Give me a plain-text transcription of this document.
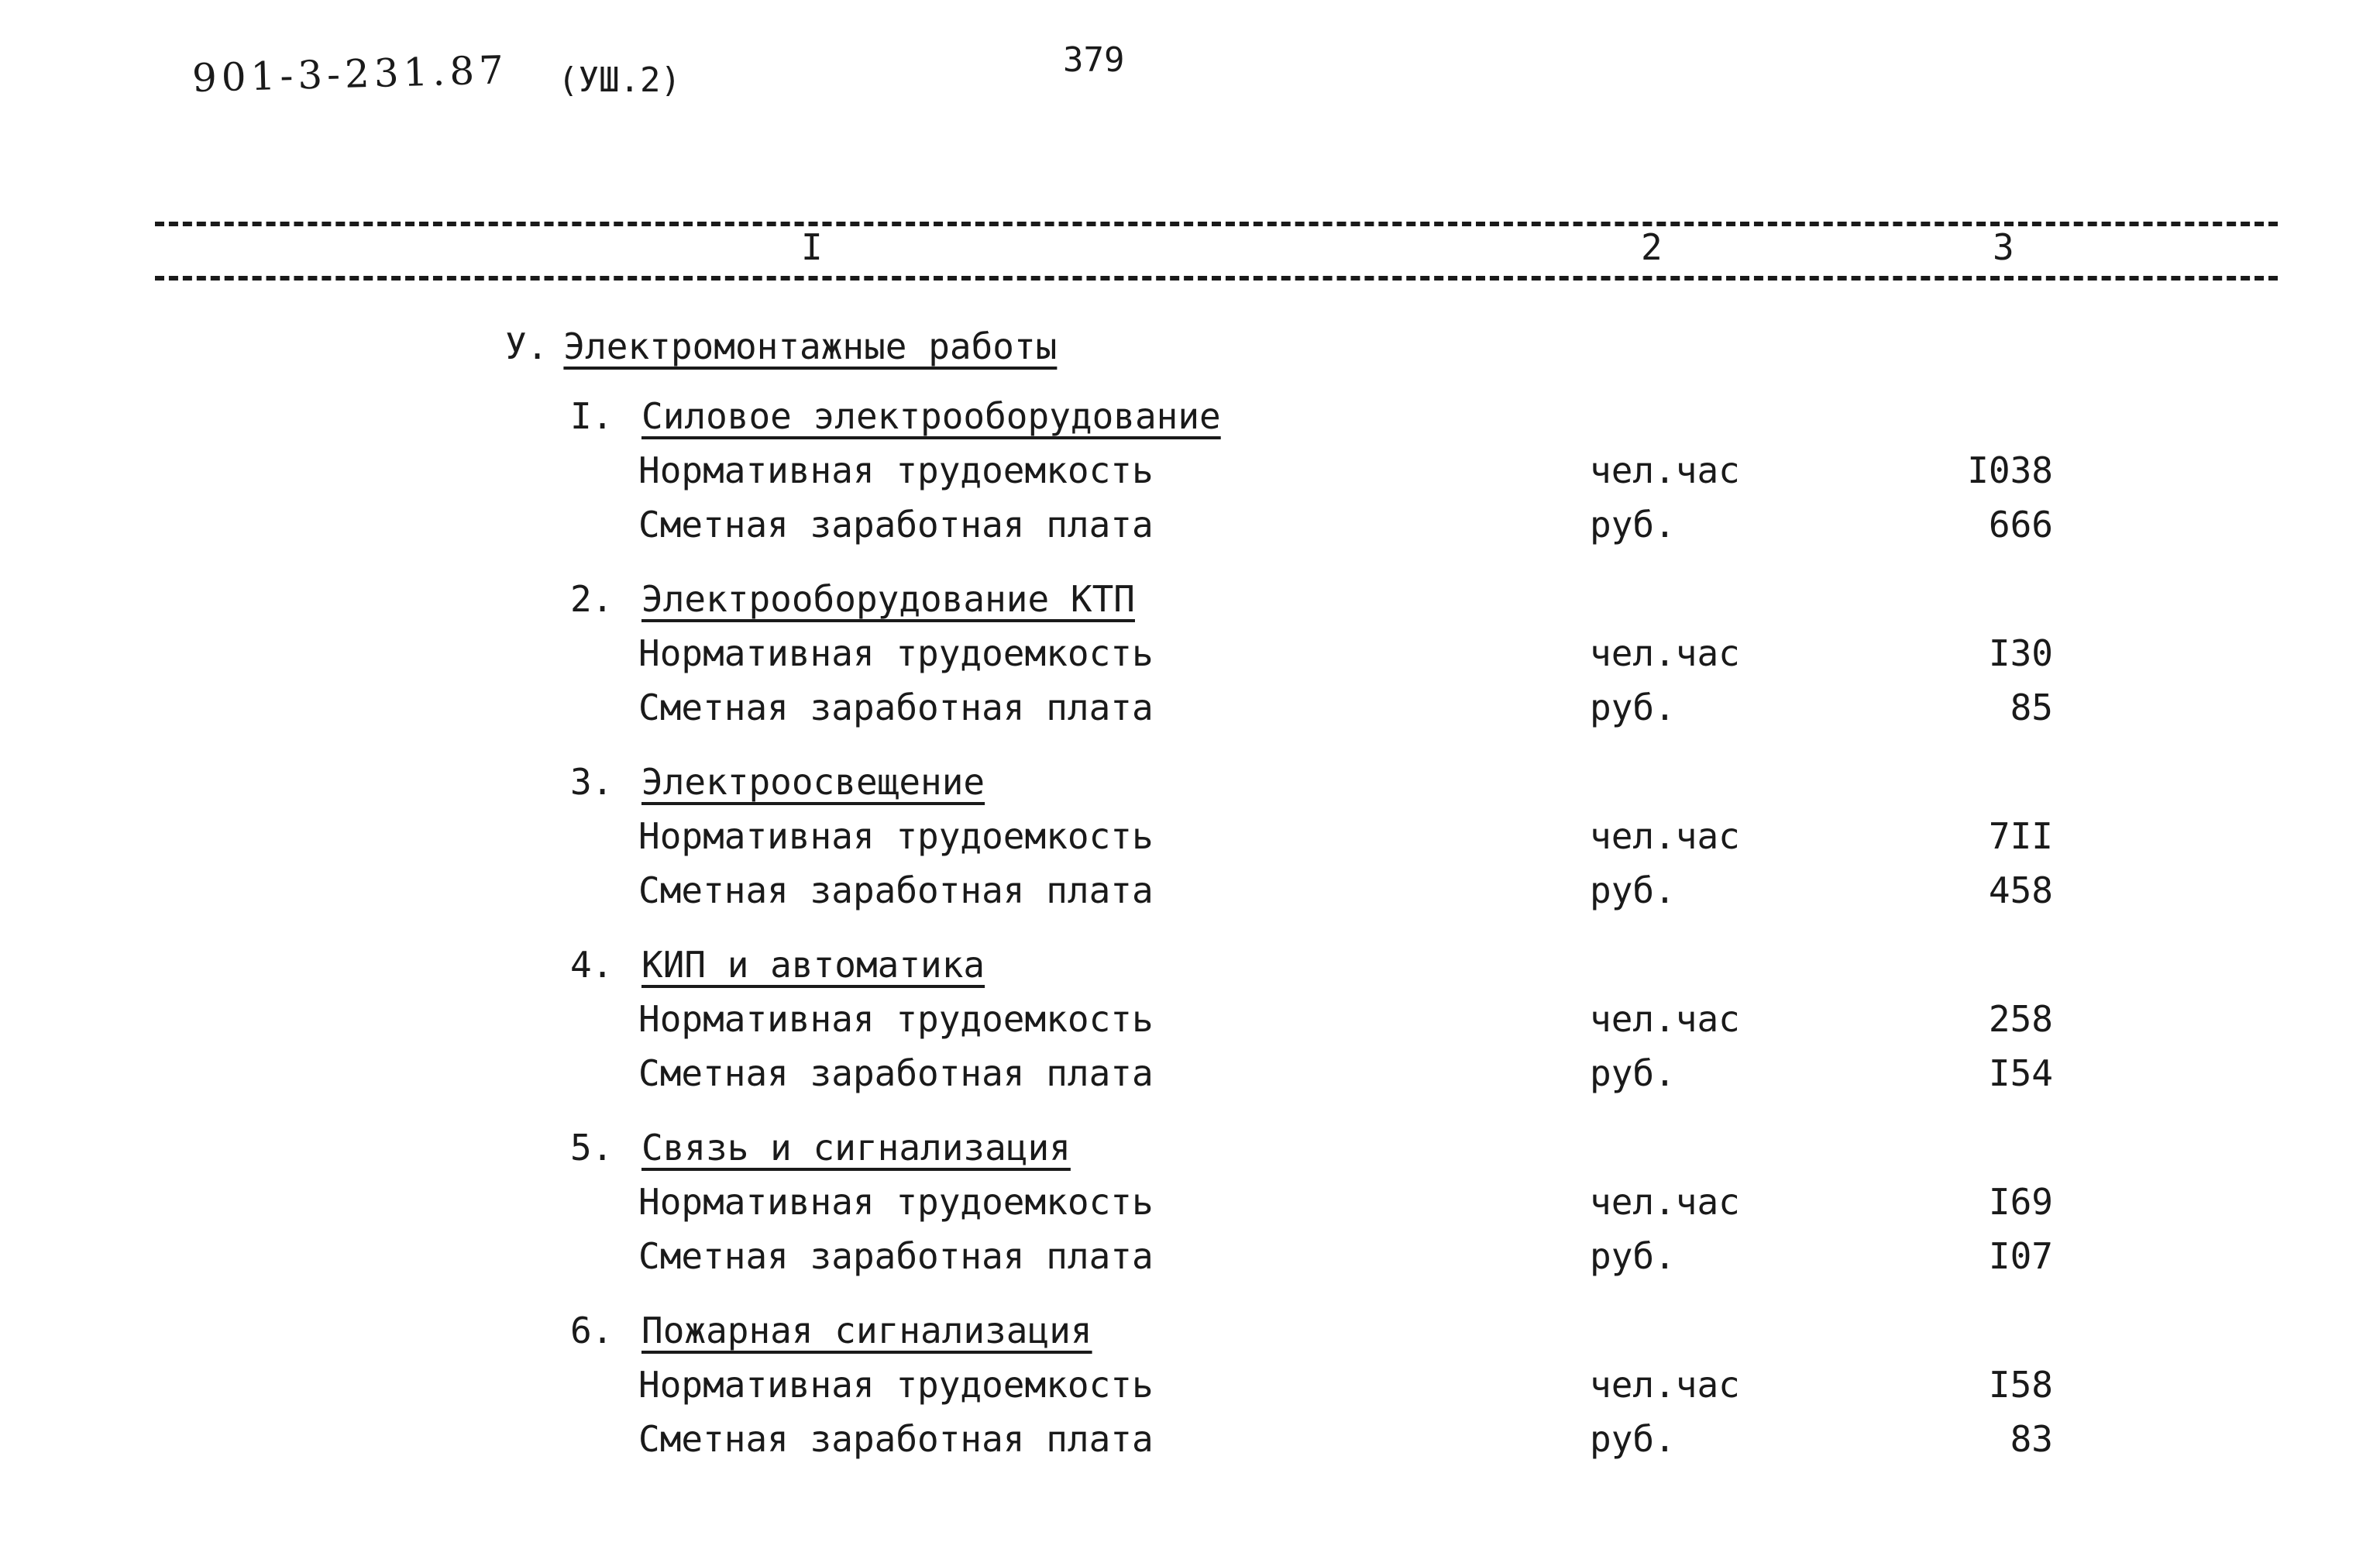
901-3-231.87 (УШ.2)
379
I	2	3
У. Электромонтажные работы
I. Силовое электрооборудование
Нормативная трудоемкость	чел.час	I038
Сметная заработная плата	руб.	666
2. Электрооборудование КТП
Нормативная трудоемкость	чел.час	I30
Сметная заработная плата	руб.	85
3. Электроосвещение
Нормативная трудоемкость	чел.час	7II
Сметная заработная плата	руб.	458
4. КИП и автоматика
Нормативная трудоемкость	чел.час	258
Сметная заработная плата	руб.	I54
5. Связь и сигнализация
Нормативная трудоемкость	чел.час	I69
Сметная заработная плата	руб.	I07
6. Пожарная сигнализация
Нормативная трудоемкость	чел.час	I58
Сметная заработная плата	руб.	83
